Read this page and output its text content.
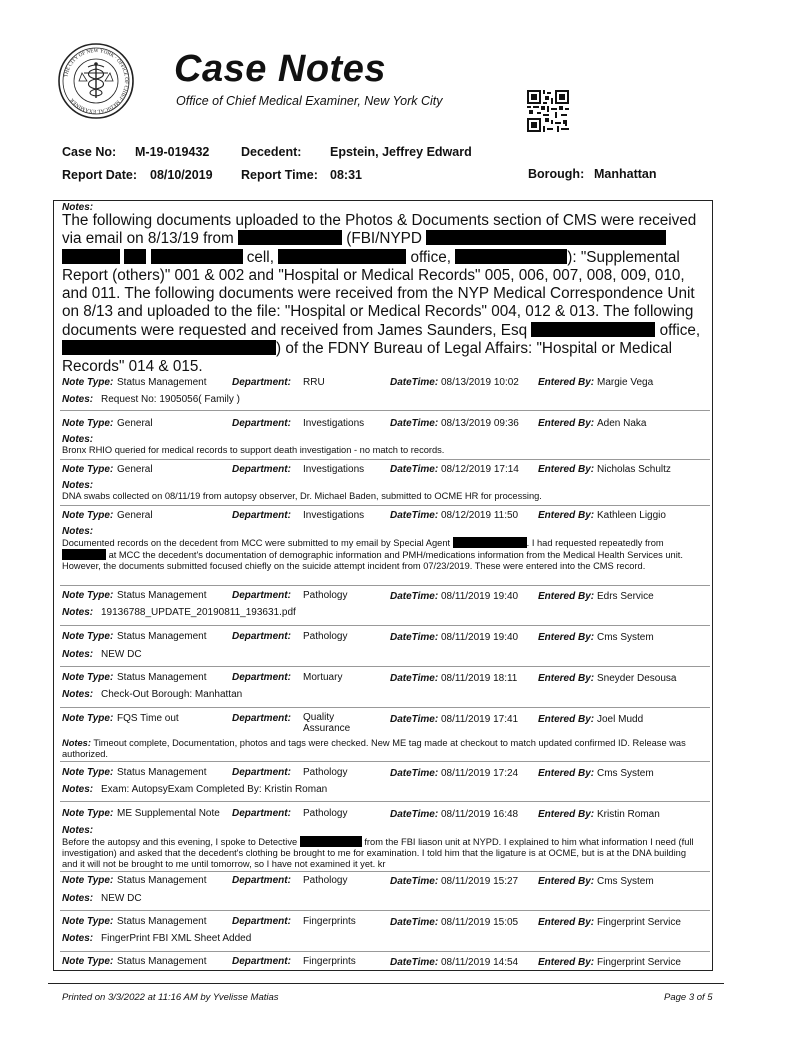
THE CITY OF NEW YORK · OFFICE OF CHIEF MEDICAL EXAMINER
Case Notes
Office of Chief Medical Examiner, New York City
Case No: M-19-019432	Decedent: Epstein, Jeffrey Edward
Report Date: 08/10/2019 Report Time: 08:31	Borough: Manhattan
Notes:

The following documents uploaded to the Photos & Documents section of CMS were received via email on 8/13/19 from	(FBI/NYPD     cell,	office,	): "Supplemental Report (others)" 001 & 002 and "Hospital or Medical Records" 005, 006, 007, 008, 009, 010, and 011. The following documents were received from the NYP Medical Correspondence Unit on 8/13 and uploaded to the file: "Hospital or Medical Records" 004, 012 & 013. The following documents were requested and received from James Saunders, Esq	office, ) of the FDNY Bureau of Legal Affairs: "Hospital or Medical Records" 014 & 015.

Note Type: Status Management	Department: RRU	DateTime: 08/13/2019 10:02 Entered By: Margie Vega
Notes: Request No: 1905056( Family )
Note Type: General	Department: Investigations	DateTime: 08/13/2019 09:36 Entered By: Aden Naka
Notes:
Bronx RHIO queried for medical records to support death investigation - no match to records.
Note Type: General	Department: Investigations	DateTime: 08/12/2019 17:14 Entered By: Nicholas Schultz
Notes:
DNA swabs collected on 08/11/19 from autopsy observer, Dr. Michael Baden, submitted to OCME HR for processing.
Note Type: General	Department: Investigations	DateTime: 08/12/2019 11:50 Entered By: Kathleen Liggio
Notes:
Documented records on the decedent from MCC were submitted to my email by Special Agent	. I had requested repeatedly from  at MCC the decedent's documentation of demographic information and PMH/medications information from the Medical Health Services unit. However, the documents submitted focused chiefly on the suicide attempt incident from 07/23/2019. These were entered into the CMS record.
Note Type: Status Management	Department: Pathology	DateTime: 08/11/2019 19:40 Entered By: Edrs Service
Notes: 19136788_UPDATE_20190811_193631.pdf
Note Type: Status Management	Department: Pathology	DateTime: 08/11/2019 19:40 Entered By: Cms System
Notes: NEW DC
Note Type: Status Management	Department: Mortuary	DateTime: 08/11/2019 18:11 Entered By: Sneyder Desousa
Notes: Check-Out Borough: Manhattan
Note Type: FQS Time out	Department: Quality
Assurance
DateTime: 08/11/2019 17:41 Entered By: Joel Mudd
Notes: Timeout complete, Documentation, photos and tags were checked. New ME tag made at checkout to match updated confirmed ID. Release was authorized.
Note Type: Status Management	Department: Pathology	DateTime: 08/11/2019 17:24 Entered By: Cms System
Notes: Exam: AutopsyExam Completed By: Kristin Roman
Note Type: ME Supplemental Note Department: Pathology	DateTime: 08/11/2019 16:48 Entered By: Kristin Roman
Notes:
Before the autopsy and this evening, I spoke to Detective	from the FBI liason unit at NYPD. I explained to him what information I need (full investigation) and asked that the decedent's clothing be brought to me for examination. I told him that the ligature is at OCME, but is at the DNA building and it will not be brought to me until tomorrow, so I have not examined it yet. kr
Note Type: Status Management	Department: Pathology	DateTime: 08/11/2019 15:27 Entered By: Cms System
Notes: NEW DC
Note Type: Status Management	Department: Fingerprints	DateTime: 08/11/2019 15:05 Entered By: Fingerprint Service
Notes: FingerPrint FBI XML Sheet Added
Note Type: Status Management	Department: Fingerprints	DateTime: 08/11/2019 14:54 Entered By: Fingerprint Service
Printed on 3/3/2022 at 11:16 AM by Yvelisse Matias	Page 3 of 5
